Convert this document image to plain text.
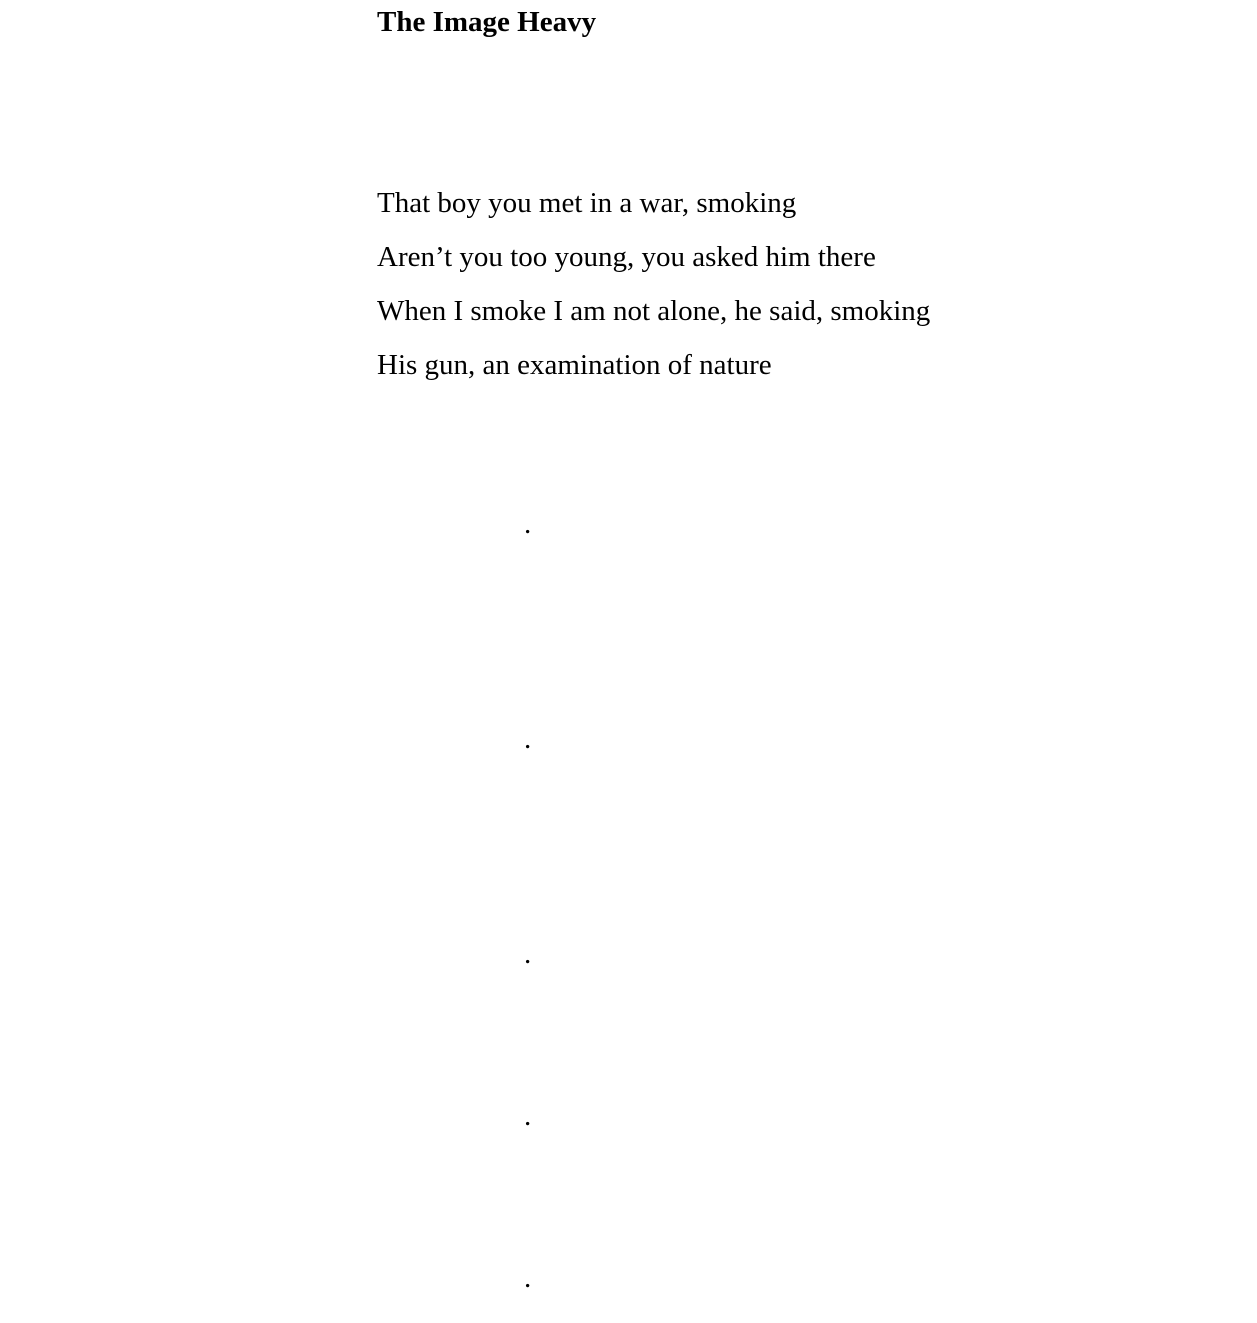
The Image Heavy

That boy you met in a war, smoking

Aren’t you too young, you asked him there

When I smoke I am not alone, he said, smoking

His gun, an examination of nature

.
.
.
.
.
